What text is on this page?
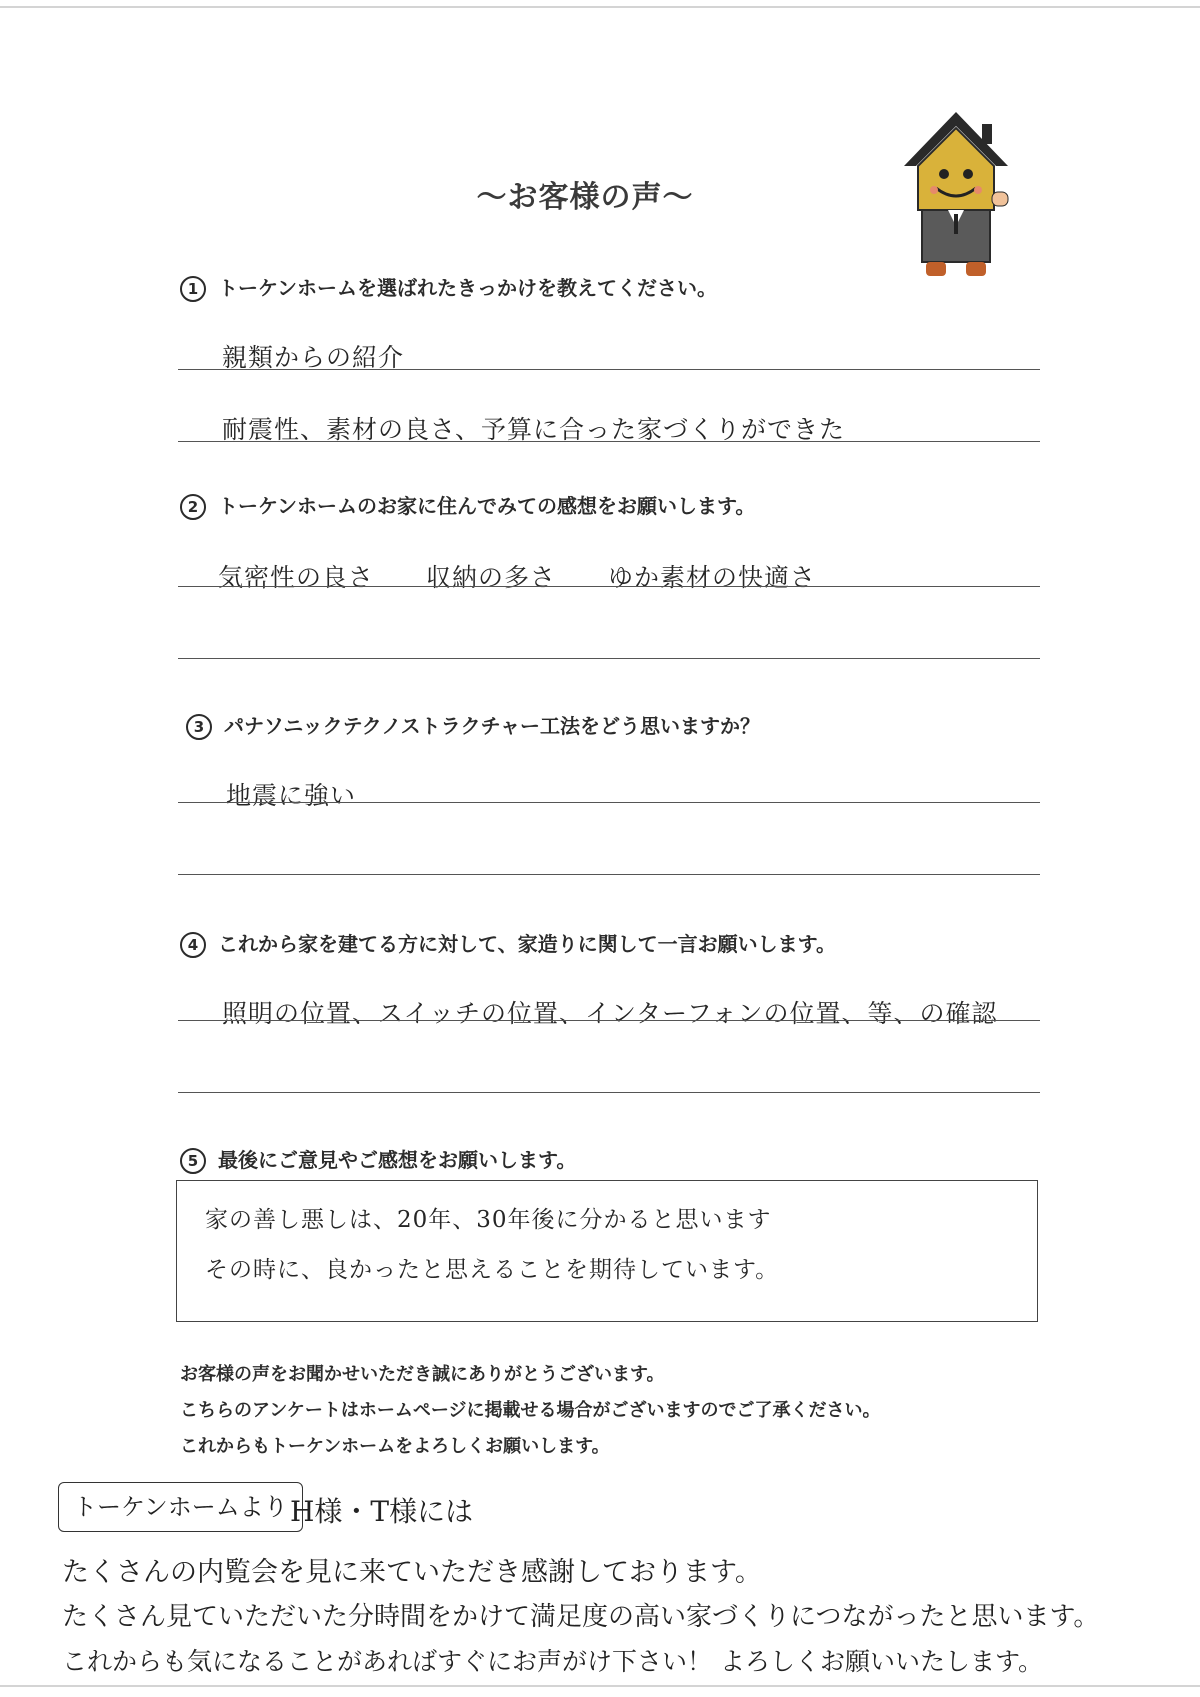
～お客様の声～
1 トーケンホームを選ばれたきっかけを教えてください。
親類からの紹介
耐震性、素材の良さ、予算に合った家づくりができた
2 トーケンホームのお家に住んでみての感想をお願いします。
気密性の良さ　　収納の多さ　　ゆか素材の快適さ
3 パナソニックテクノストラクチャー工法をどう思いますか？
地震に強い
4 これから家を建てる方に対して、家造りに関して一言お願いします。
照明の位置、スイッチの位置、インターフォンの位置、等、の確認
5 最後にご意見やご感想をお願いします。
家の善し悪しは、20年、30年後に分かると思います
その時に、良かったと思えることを期待しています。
お客様の声をお聞かせいただき誠にありがとうございます。
こちらのアンケートはホームページに掲載せる場合がございますのでご了承ください。
これからもトーケンホームをよろしくお願いします。
トーケンホームより H様・T様には
たくさんの内覧会を見に来ていただき感謝しております。
たくさん見ていただいた分時間をかけて満足度の高い家づくりにつながったと思います。
これからも気になることがあればすぐにお声がけ下さい！ よろしくお願いいたします。
